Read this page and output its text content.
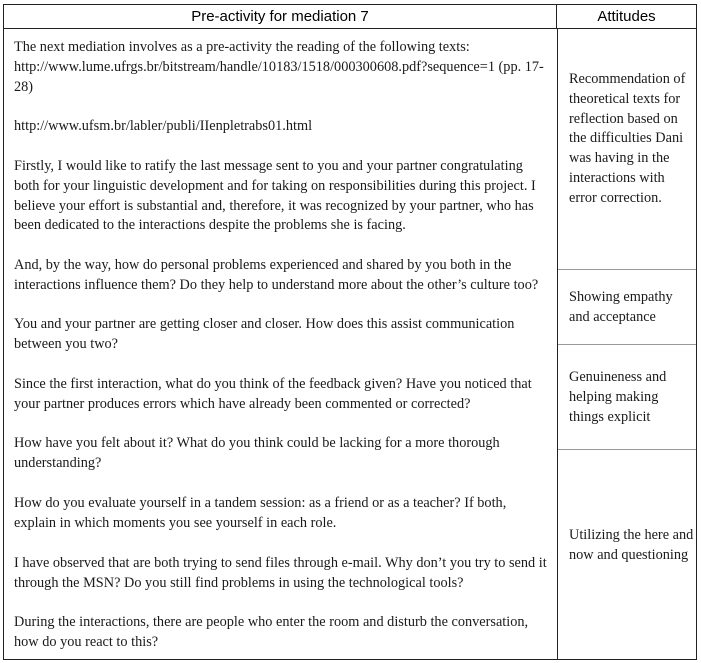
Pre-activity for mediation 7	Attitudes

The next mediation involves as a pre-activity the reading of the following texts: http://www.lume.ufrgs.br/bitstream/handle/10183/1518/000300608.pdf?sequence=1 (pp. 17-28)

http://www.ufsm.br/labler/publi/IIenpletrabs01.html

Firstly, I would like to ratify the last message sent to you and your partner congratulating both for your linguistic development and for taking on responsibilities during this project. I believe your effort is substantial and, therefore, it was recognized by your partner, who has been dedicated to the interactions despite the problems she is facing.

And, by the way, how do personal problems experienced and shared by you both in the interactions influence them? Do they help to understand more about the other’s culture too?

You and your partner are getting closer and closer. How does this assist communication between you two?

Since the first interaction, what do you think of the feedback given? Have you noticed that your partner produces errors which have already been commented or corrected?

How have you felt about it? What do you think could be lacking for a more thorough understanding?

How do you evaluate yourself in a tandem session: as a friend or as a teacher? If both, explain in which moments you see yourself in each role.

I have observed that are both trying to send files through e-mail. Why don’t you try to send it through the MSN? Do you still find problems in using the technological tools?

During the interactions, there are people who enter the room and disturb the conversation, how do you react to this?

Recommendation of theoretical texts for reflection based on the difficulties Dani was having in the interactions with error correction.

Showing empathy and acceptance

Genuineness and helping making things explicit

Utilizing the here and now and questioning
